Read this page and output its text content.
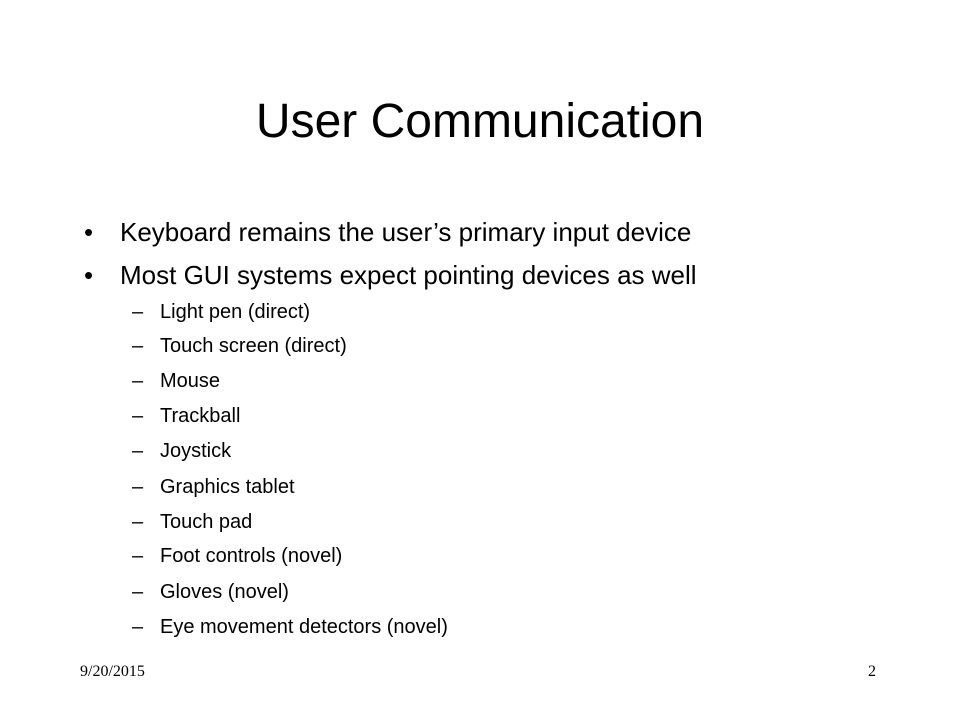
User Communication
• Keyboard remains the user’s primary input device
• Most GUI systems expect pointing devices as well
– Light pen (direct)
– Touch screen (direct)
– Mouse
– Trackball
– Joystick
– Graphics tablet
– Touch pad
– Foot controls (novel)
– Gloves (novel)
– Eye movement detectors (novel)
9/20/2015	2
